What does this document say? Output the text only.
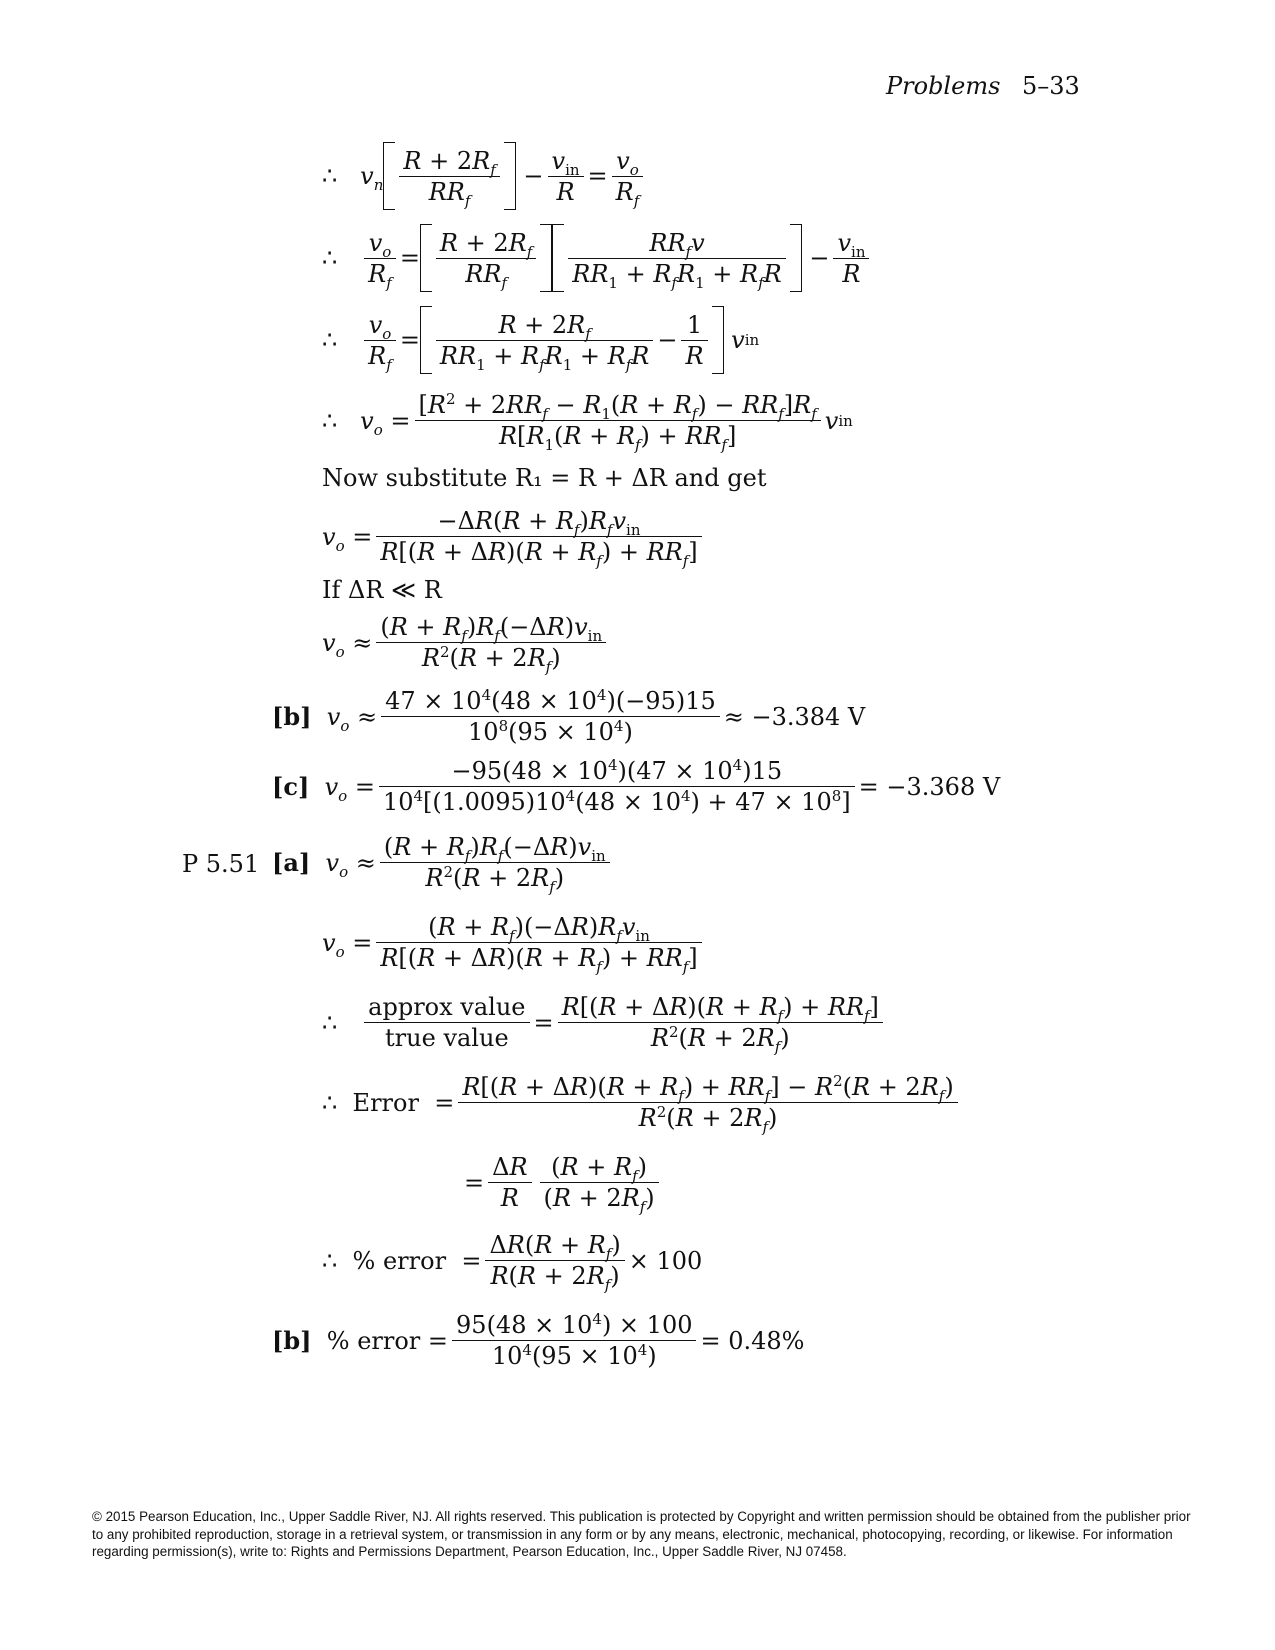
Problems 5–33
∴
$v_n \frac{R + 2R_f}{RR_f} - \frac{v_{in}}{R} = \frac{v_o}{R_f}$
∴
$\frac{v_o}{R_f} = \frac{R + 2R_f}{RR_f} \frac{RR_fv}{RR_1 + R_fR_1 + R_fR} - \frac{v_{in}}{R}$
∴
$\frac{v_o}{R_f} = \frac{R + 2R_f}{RR_1 + R_fR_1 + R_fR} - \frac{1}{R}$
v in
∴
$v_o = \frac{[R^2 + 2RR_f - R_1(R + R_f) - RR_f]R_f}{R[R_1(R + R_f) + RR_f]}$ v in
Now substitute R₁ = R + ΔR and get
$v_o = \frac{-\Delta R(R + R_f)R_fv_{in}}{R[(R + \Delta R)(R + R_f) + RR_f]}$
If ΔR ≪ R
$v_o \approx \frac{(R + R_f)R_f(-\Delta R)v_{in}}{R^2(R + 2R_f)}$
[b]
$v_o \approx \frac{47 \times 10^4(48 \times 10^4)(-95)15}{10^8(95 \times 10^4)} \approx -3.384$ V
[c]
$v_o = \frac{-95(48 \times 10^4)(47 \times 10^4)15}{10^4[(1.0095)10^4(48 \times 10^4) + 47 \times 10^8]} = -3.368$ V
P 5.51 [a]
$v_o \approx \frac{(R + R_f)R_f(-\Delta R)v_{in}}{R^2(R + 2R_f)}$
$v_o = \frac{(R + R_f)(-\Delta R)R_fv_{in}}{R[(R + \Delta R)(R + R_f) + RR_f]}$
∴
$\frac{\text{approx value}}{\text{true value}} = \frac{R[(R + \Delta R)(R + R_f) + RR_f]}{R^2(R + 2R_f)}$
∴
Error = $\frac{R[(R + \Delta R)(R + R_f) + RR_f] - R^2(R + 2R_f)}{R^2(R + 2R_f)}$
= $\frac{\Delta R}{R} \frac{(R + R_f)}{(R + 2R_f)}$
∴
% error = $\frac{\Delta R(R + R_f)}{R(R + 2R_f)} \times 100$
[b]
% error = $\frac{95(48 \times 10^4) \times 100}{10^4(95 \times 10^4)} = 0.48\%$
© 2015 Pearson Education, Inc., Upper Saddle River, NJ. All rights reserved. This publication is protected by Copyright and written permission should be obtained from the publisher prior to any prohibited reproduction, storage in a retrieval system, or transmission in any form or by any means, electronic, mechanical, photocopying, recording, or likewise. For information regarding permission(s), write to: Rights and Permissions Department, Pearson Education, Inc., Upper Saddle River, NJ 07458.
